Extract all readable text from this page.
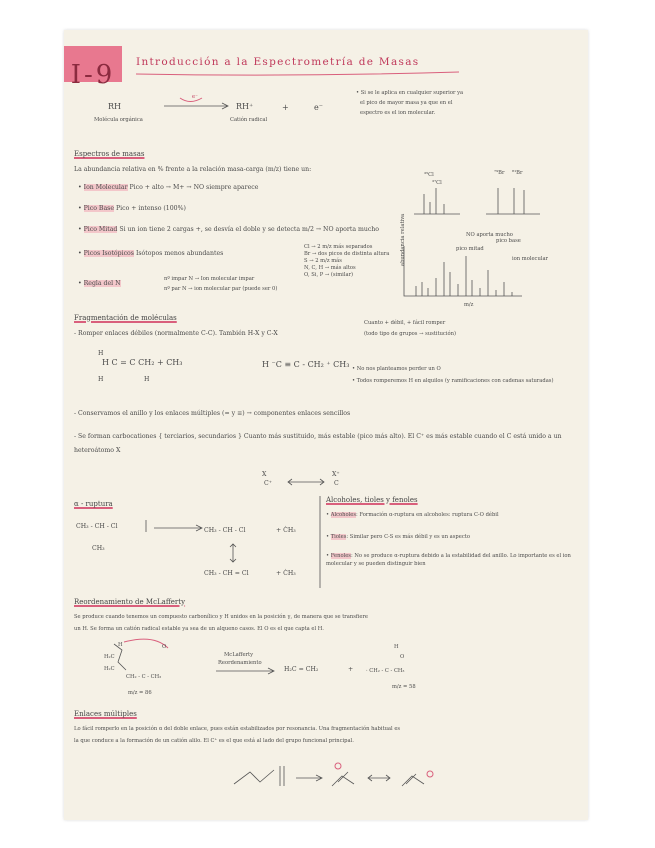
I-9	Introducción a la Espectrometría de Masas
RH
Molécula orgánica
e⁻
RH⁺
Catión radical
+	e⁻
• Si se le aplica en cualquier superior ya
el pico de mayor masa ya que en el
espectro es el ion molecular.
Espectros de masas
La abundancia relativa en % frente a la relación masa-carga (m/z) tiene un:
• Ion Molecular Pico + alto → M+ → NO siempre aparece
• Pico Base Pico + intenso (100%)
• Pico Mitad Si un ion tiene 2 cargas +, se desvía el doble y se detecta m/2 → NO aporta mucho
• Picos Isotópicos Isótopos menos abundantes
• Regla del N
Cl → 2 m/z más separados
Br → dos picos de distinta altura
S → 2 m/z más
N, C, H → más altos
O, Si, P → (similar)
nº impar N → Ion molecular impar
nº par N → ion molecular par (puede ser 0)
³⁵Cl
³⁷Cl
⁷⁹Br ⁸¹Br
NO aporta mucho
pico base
pico mitad
ion molecular
abundancia relativa
m/z
Fragmentación de moléculas
Cuanto + débil, + fácil romper
- Romper enlaces débiles (normalmente C-C). También H-X y C-X	(todo tipo de grupos → sustitución)
H
H C = C CH₂ + CH₃
H	H
H ⁻C ≡ C - CH₂ ⁺ CH₃ • No nos planteamos perder un O
• Todos romperemos H en alquilos (y ramificaciones con cadenas saturadas)
- Conservamos el anillo y los enlaces múltiples (= y ≡) → componentes enlaces sencillos
- Se forman carbocationes { terciarios, secundarios } Cuanto más sustituido, más estable (pico más alto). El C⁺ es más estable cuando el C está unido a un heteroátomo X
X
C⁺
X⁺
C
α - ruptura
CH₃ - CH - Cl
CH₃
CH₃ - CH - Cl	+ ĊH₃
CH₃ - CH = Cl	+ ĊH₃
Alcoholes, tioles y fenoles
• Alcoholes: Formación α-ruptura en alcoholes: ruptura C-O débil
• Tioles: Similar pero C-S es más débil y es un aspecto
• Fenoles: No se produce α-ruptura debido a la estabilidad del anillo. Lo importante es el ion molecular y se pueden distinguir bien
Reordenamiento de McLafferty
Se produce cuando tenemos un compuesto carbonílico y H unidos en la posición γ, de manera que se transfiere
un H. Se forma un catión radical estable ya sea de un alqueno casos. El O es el que capta el H.
H	O
H₂C
H₂C
CH₂ - C - CH₃
m/z = 86
McLafferty
Reordenamiento
H₂C = CH₂	+
H
O
· CH₂ - C - CH₃
m/z = 58
Enlaces múltiples
Lo fácil romperlo en la posición α del doble enlace, pues están estabilizados por resonancia. Una fragmentación habitual es
la que conduce a la formación de un catión alilo. El C⁺ es el que está al lado del grupo funcional principal.
